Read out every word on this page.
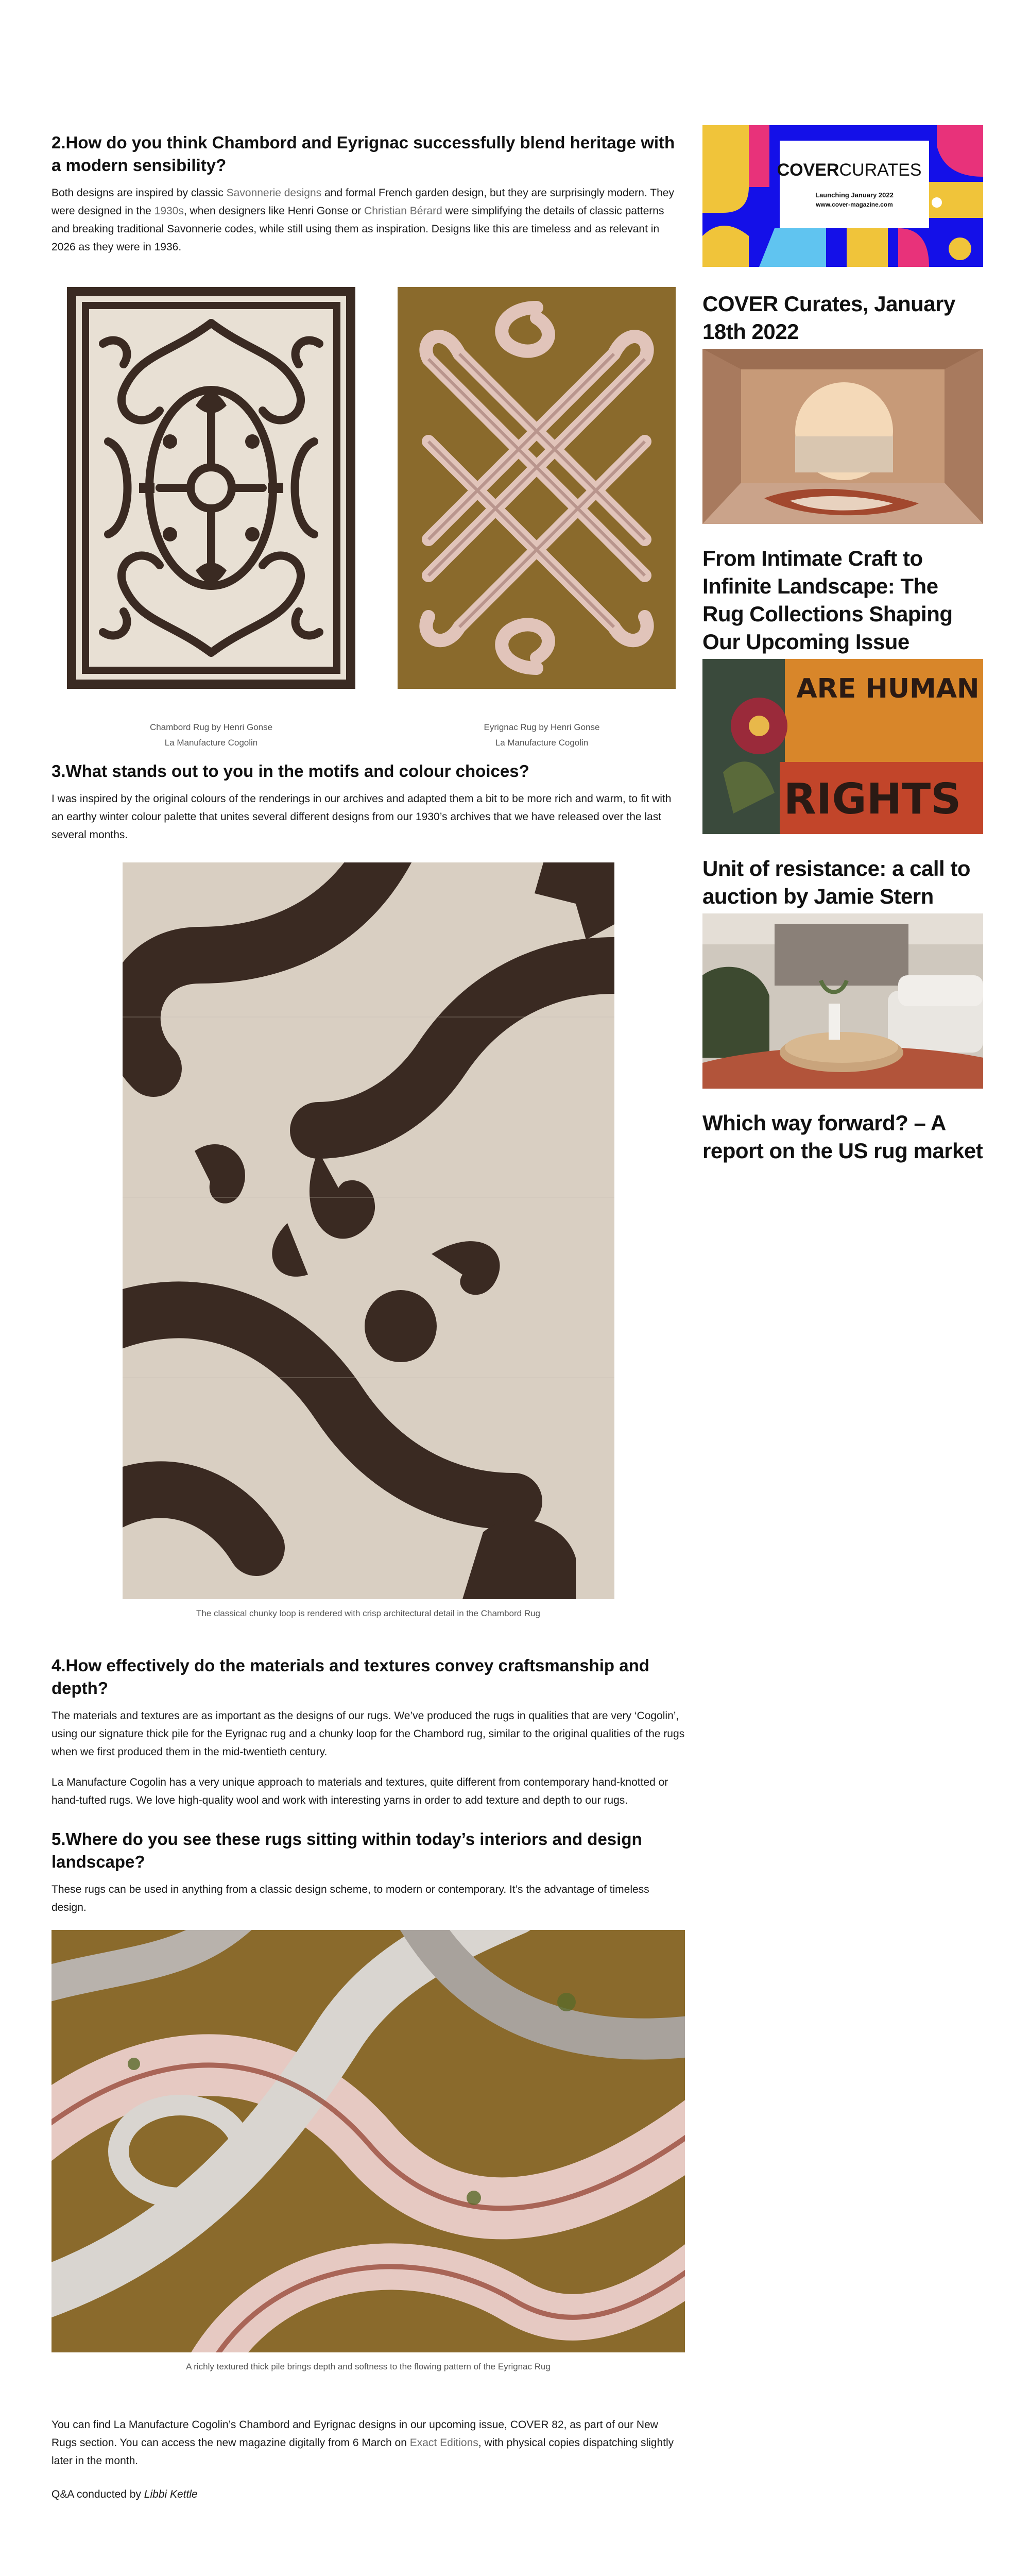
2.How do you think Chambord and Eyrignac successfully blend heritage with a modern sensibility?

Both designs are inspired by classic Savonnerie designs and formal French garden design, but they are surprisingly modern. They were designed in the 1930s, when designers like Henri Gonse or Christian Bérard were simplifying the details of classic patterns and breaking traditional Savonnerie codes, while still using them as inspiration. Designs like this are timeless and as relevant in 2026 as they were in 1936.

Chambord Rug by Henri Gonse
La Manufacture Cogolin
Eyrignac Rug by Henri Gonse
La Manufacture Cogolin
3.What stands out to you in the motifs and colour choices?

I was inspired by the original colours of the renderings in our archives and adapted them a bit to be more rich and warm, to fit with an earthy winter colour palette that unites several different designs from our 1930’s archives that we have released over the last several months.

The classical chunky loop is rendered with crisp architectural detail in the Chambord Rug
4.How effectively do the materials and textures convey craftsmanship and depth?

The materials and textures are as important as the designs of our rugs. We’ve produced the rugs in qualities that are very ‘Cogolin’, using our signature thick pile for the Eyrignac rug and a chunky loop for the Chambord rug, similar to the original qualities of the rugs when we first produced them in the mid-twentieth century.

La Manufacture Cogolin has a very unique approach to materials and textures, quite different from contemporary hand-knotted or hand-tufted rugs. We love high-quality wool and work with interesting yarns in order to add texture and depth to our rugs.

5.Where do you see these rugs sitting within today’s interiors and design landscape?

These rugs can be used in anything from a classic design scheme, to modern or contemporary. It’s the advantage of timeless design.

A richly textured thick pile brings depth and softness to the flowing pattern of the Eyrignac Rug

You can find La Manufacture Cogolin’s Chambord and Eyrignac designs in our upcoming issue, COVER 82, as part of our New Rugs section. You can access the new magazine digitally from 6 March on Exact Editions, with physical copies dispatching slightly later in the month.

Q&A conducted by Libbi Kettle

COVERCURATES
Launching January 2022
www.cover-magazine.com
COVER Curates, January 18th 2022
From Intimate Craft to Infinite Landscape: The Rug Collections Shaping Our Upcoming Issue
ARE HUMAN
RIGHTS
Unit of resistance: a call to auction by Jamie Stern
Which way forward? – A report on the US rug market
